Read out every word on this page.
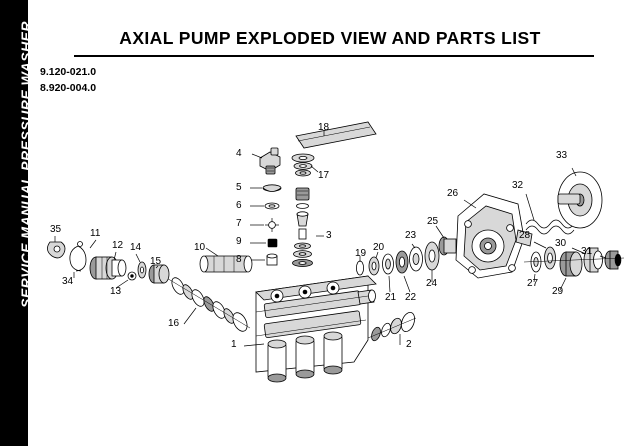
SERVICE MANUAL PRESSURE WASHER	AXIAL PUMP EXPLODED VIEW AND PARTS LIST
9.120-021.0
8.920-004.0
1	2
3
4
5
6
7
9
8
10
11
12
13
14
15
16
17
18
19
20
21 22
23
24
25
26
27
28
29
30
31
32
33
34
35
